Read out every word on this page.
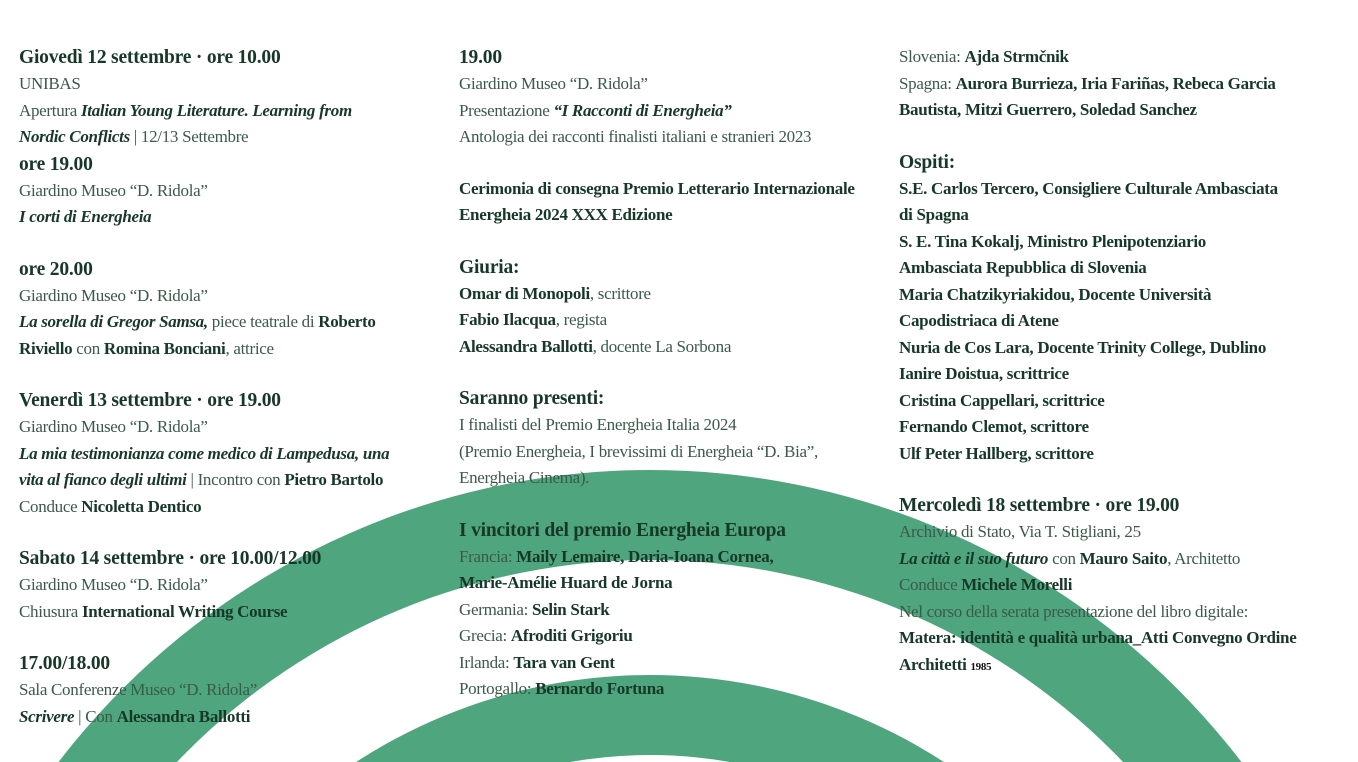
Giovedì 12 settembre · ore 10.00
UNIBAS
Apertura Italian Young Literature. Learning from
Nordic Conflicts | 12/13 Settembre
ore 19.00
Giardino Museo “D. Ridola”
I corti di Energheia
ore 20.00
Giardino Museo “D. Ridola”
La sorella di Gregor Samsa, piece teatrale di Roberto
Riviello con Romina Bonciani, attrice
Venerdì 13 settembre · ore 19.00
Giardino Museo “D. Ridola”
La mia testimonianza come medico di Lampedusa, una
vita al fianco degli ultimi | Incontro con Pietro Bartolo
Conduce Nicoletta Dentico
Sabato 14 settembre · ore 10.00/12.00
Giardino Museo “D. Ridola”
Chiusura International Writing Course
17.00/18.00
Sala Conferenze Museo “D. Ridola”
Scrivere | Con Alessandra Ballotti
19.00
Giardino Museo “D. Ridola”
Presentazione “I Racconti di Energheia”
Antologia dei racconti finalisti italiani e stranieri 2023
Cerimonia di consegna Premio Letterario Internazionale
Energheia 2024 XXX Edizione
Giuria:
Omar di Monopoli, scrittore
Fabio Ilacqua, regista
Alessandra Ballotti, docente La Sorbona
Saranno presenti:
I finalisti del Premio Energheia Italia 2024
(Premio Energheia, I brevissimi di Energheia “D. Bia”,
Energheia Cinema).
I vincitori del premio Energheia Europa
Francia: Maily Lemaire, Daria-Ioana Cornea,
Marie-Amélie Huard de Jorna
Germania: Selin Stark
Grecia: Afroditi Grigoriu
Irlanda: Tara van Gent
Portogallo: Bernardo Fortuna
Slovenia: Ajda Strmčnik
Spagna: Aurora Burrieza, Iria Fariñas, Rebeca Garcia
Bautista, Mitzi Guerrero, Soledad Sanchez
Ospiti:
S.E. Carlos Tercero, Consigliere Culturale Ambasciata
di Spagna
S. E. Tina Kokalj, Ministro Plenipotenziario
Ambasciata Repubblica di Slovenia
Maria Chatzikyriakidou, Docente Università
Capodistriaca di Atene
Nuria de Cos Lara, Docente Trinity College, Dublino
Ianire Doistua, scrittrice
Cristina Cappellari, scrittrice
Fernando Clemot, scrittore
Ulf Peter Hallberg, scrittore
Mercoledì 18 settembre · ore 19.00
Archivio di Stato, Via T. Stigliani, 25
La città e il suo futuro con Mauro Saito, Architetto
Conduce Michele Morelli
Nel corso della serata presentazione del libro digitale:
Matera: identità e qualità urbana_Atti Convegno Ordine
Architetti 1985
